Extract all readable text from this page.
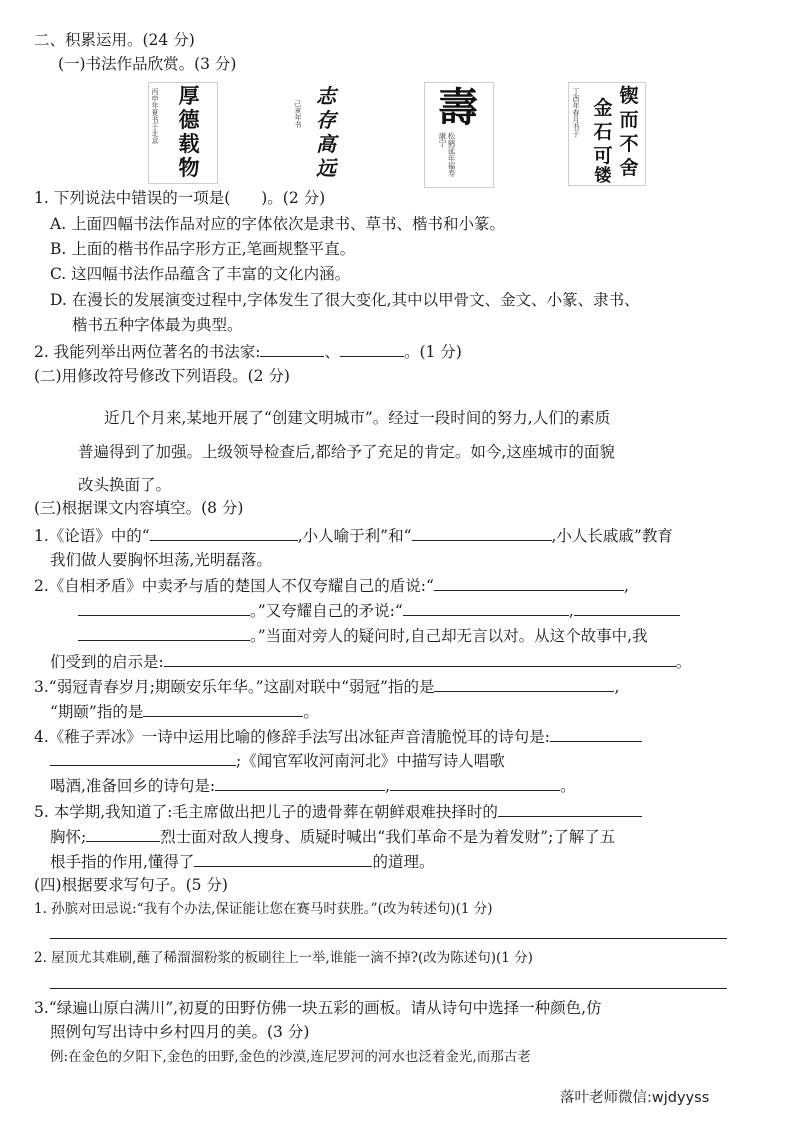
二、积累运用。(24 分)
(一)书法作品欣赏。(3 分)
丙申年夏书于北京 厚
德
载
物
己亥年书
志
存
高
远
壽
松鹤延年福寿康宁
丁酉年春月书于 锲
而
不
舍
金
石
可
镂
1. 下列说法中错误的一项是(　　)。(2 分)
A. 上面四幅书法作品对应的字体依次是隶书、草书、楷书和小篆。
B. 上面的楷书作品字形方正,笔画规整平直。
C. 这四幅书法作品蕴含了丰富的文化内涵。
D. 在漫长的发展演变过程中,字体发生了很大变化,其中以甲骨文、金文、小篆、隶书、
楷书五种字体最为典型。
2. 我能列举出两位著名的书法家:	、	。(1 分)
(二)用修改符号修改下列语段。(2 分)
近几个月来,某地开展了“创建文明城市”。经过一段时间的努力,人们的素质
普遍得到了加强。上级领导检查后,都给予了充足的肯定。如今,这座城市的面貌
改头换面了。
(三)根据课文内容填空。(8 分)
1.《论语》中的“	,小人喻于利”和“	,小人长戚戚”教育
我们做人要胸怀坦荡,光明磊落。
2.《自相矛盾》中卖矛与盾的楚国人不仅夸耀自己的盾说:“	,
。”又夸耀自己的矛说:“	,
。”当面对旁人的疑问时,自己却无言以对。从这个故事中,我
们受到的启示是:	。
3.“弱冠青春岁月;期颐安乐年华。”这副对联中“弱冠”指的是	,
“期颐”指的是	。
4.《稚子弄冰》一诗中运用比喻的修辞手法写出冰钲声音清脆悦耳的诗句是:
;《闻官军收河南河北》中描写诗人唱歌
喝酒,准备回乡的诗句是:	,	。
5. 本学期,我知道了:毛主席做出把儿子的遗骨葬在朝鲜艰难抉择时的
胸怀;	烈士面对敌人搜身、质疑时喊出“我们革命不是为着发财”;了解了五
根手指的作用,懂得了	的道理。
(四)根据要求写句子。(5 分)
1. 孙膑对田忌说:“我有个办法,保证能让您在赛马时获胜。”(改为转述句)(1 分)
2. 屋顶尤其难刷,蘸了稀溜溜粉浆的板刷往上一举,谁能一滴不掉?(改为陈述句)(1 分)
3.“绿遍山原白满川”,初夏的田野仿佛一块五彩的画板。请从诗句中选择一种颜色,仿
照例句写出诗中乡村四月的美。(3 分)
例:在金色的夕阳下,金色的田野,金色的沙漠,连尼罗河的河水也泛着金光,而那古老
落叶老师微信:wjdyyss
